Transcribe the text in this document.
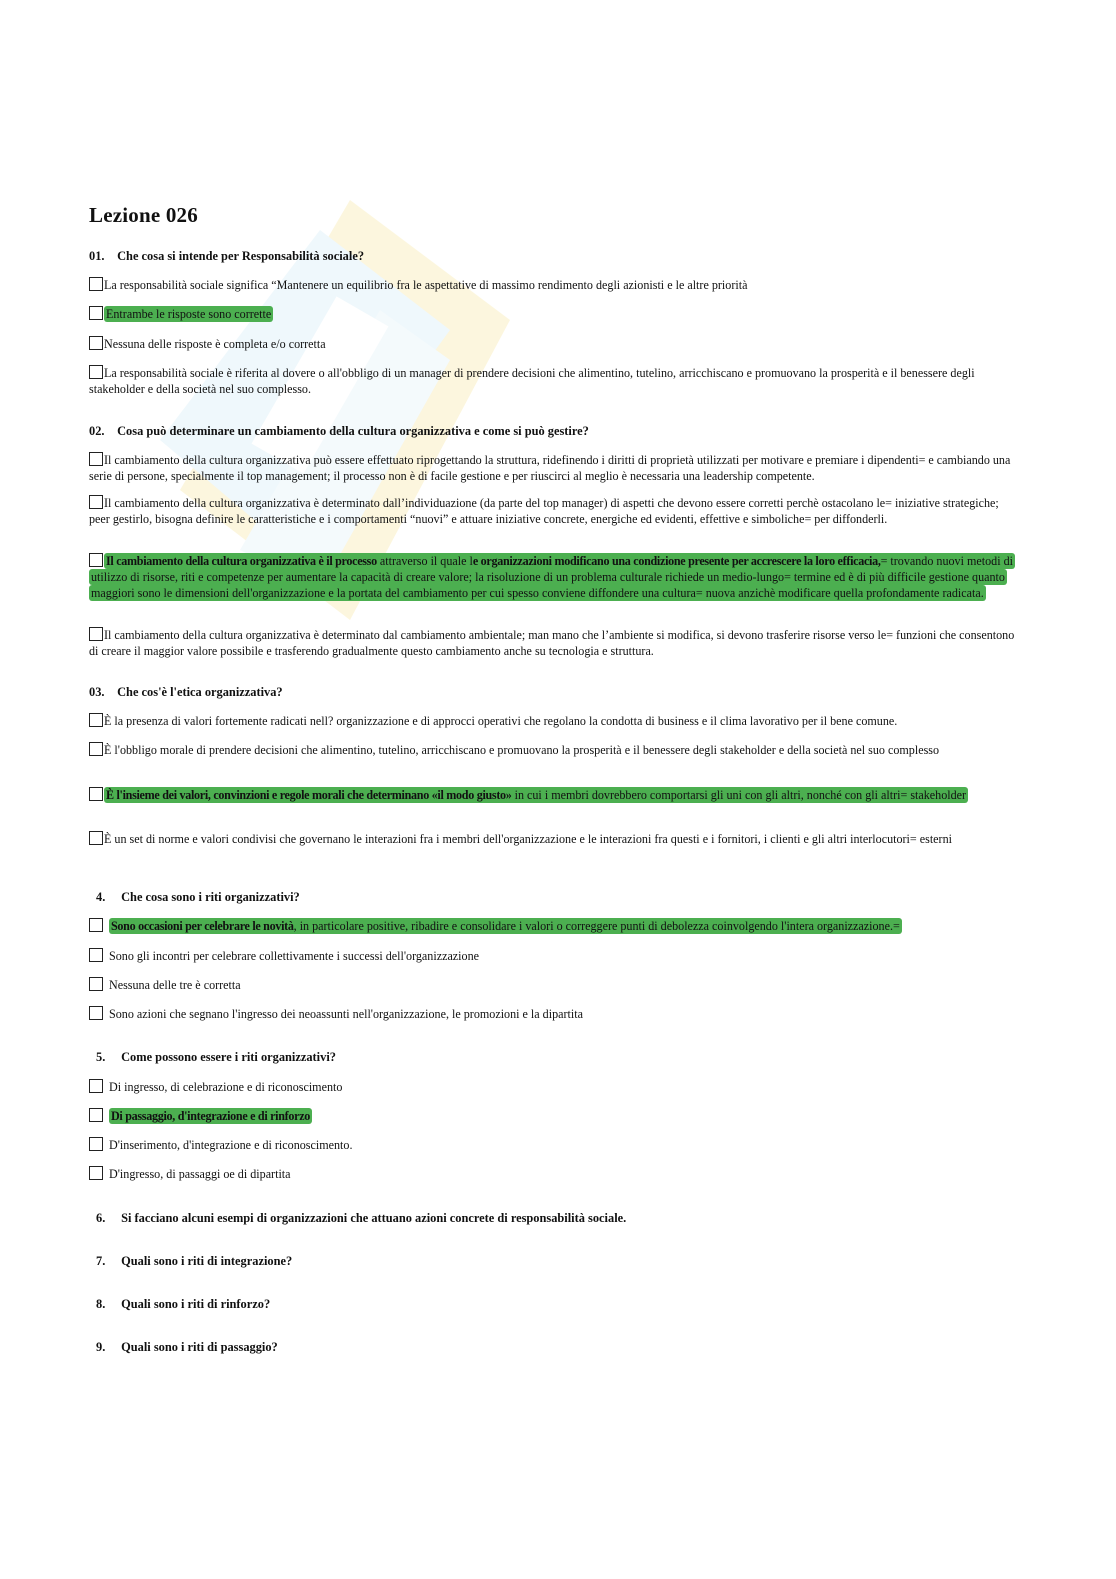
Lezione 026
01. Che cosa si intende per Responsabilità sociale?
La responsabilità sociale significa “Mantenere un equilibrio fra le aspettative di massimo rendimento degli azionisti e le altre priorità
Entrambe le risposte sono corrette
Nessuna delle risposte è completa e/o corretta
La responsabilità sociale è riferita al dovere o all'obbligo di un manager di prendere decisioni che alimentino, tutelino, arricchiscano e promuovano la prosperità e il benessere degli stakeholder e della società nel suo complesso.
02. Cosa può determinare un cambiamento della cultura organizzativa e come si può gestire?
Il cambiamento della cultura organizzativa può essere effettuato riprogettando la struttura, ridefinendo i diritti di proprietà utilizzati per motivare e premiare i dipendenti= e cambiando una serie di persone, specialmente il top management; il processo non è di facile gestione e per riuscirci al meglio è necessaria una leadership competente.
Il cambiamento della cultura organizzativa è determinato dall’individuazione (da parte del top manager) di aspetti che devono essere corretti perchè ostacolano le= iniziative strategiche; peer gestirlo, bisogna definire le caratteristiche e i comportamenti “nuovi” e attuare iniziative concrete, energiche ed evidenti, effettive e simboliche= per diffonderli.
Il cambiamento della cultura organizzativa è il processo attraverso il quale le organizzazioni modificano una condizione presente per accrescere la loro efficacia,= trovando nuovi metodi di utilizzo di risorse, riti e competenze per aumentare la capacità di creare valore; la risoluzione di un problema culturale richiede un medio-lungo= termine ed è di più difficile gestione quanto maggiori sono le dimensioni dell'organizzazione e la portata del cambiamento per cui spesso conviene diffondere una cultura= nuova anzichè modificare quella profondamente radicata.
Il cambiamento della cultura organizzativa è determinato dal cambiamento ambientale; man mano che l’ambiente si modifica, si devono trasferire risorse verso le= funzioni che consentono di creare il maggior valore possibile e trasferendo gradualmente questo cambiamento anche su tecnologia e struttura.
03. Che cos'è l'etica organizzativa?
È la presenza di valori fortemente radicati nell? organizzazione e di approcci operativi che regolano la condotta di business e il clima lavorativo per il bene comune.
È l'obbligo morale di prendere decisioni che alimentino, tutelino, arricchiscano e promuovano la prosperità e il benessere degli stakeholder e della società nel suo complesso
È l'insieme dei valori, convinzioni e regole morali che determinano «il modo giusto» in cui i membri dovrebbero comportarsi gli uni con gli altri, nonché con gli altri= stakeholder
È un set di norme e valori condivisi che governano le interazioni fra i membri dell'organizzazione e le interazioni fra questi e i fornitori, i clienti e gli altri interlocutori= esterni
4. Che cosa sono i riti organizzativi?
Sono occasioni per celebrare le novità, in particolare positive, ribadire e consolidare i valori o correggere punti di debolezza coinvolgendo l'intera organizzazione.=
Sono gli incontri per celebrare collettivamente i successi dell'organizzazione
Nessuna delle tre è corretta
Sono azioni che segnano l'ingresso dei neoassunti nell'organizzazione, le promozioni e la dipartita
5. Come possono essere i riti organizzativi?
Di ingresso, di celebrazione e di riconoscimento
Di passaggio, d'integrazione e di rinforzo
D'inserimento, d'integrazione e di riconoscimento.
D'ingresso, di passaggi oe di dipartita
6. Si facciano alcuni esempi di organizzazioni che attuano azioni concrete di responsabilità sociale.
7. Quali sono i riti di integrazione?
8. Quali sono i riti di rinforzo?
9. Quali sono i riti di passaggio?
